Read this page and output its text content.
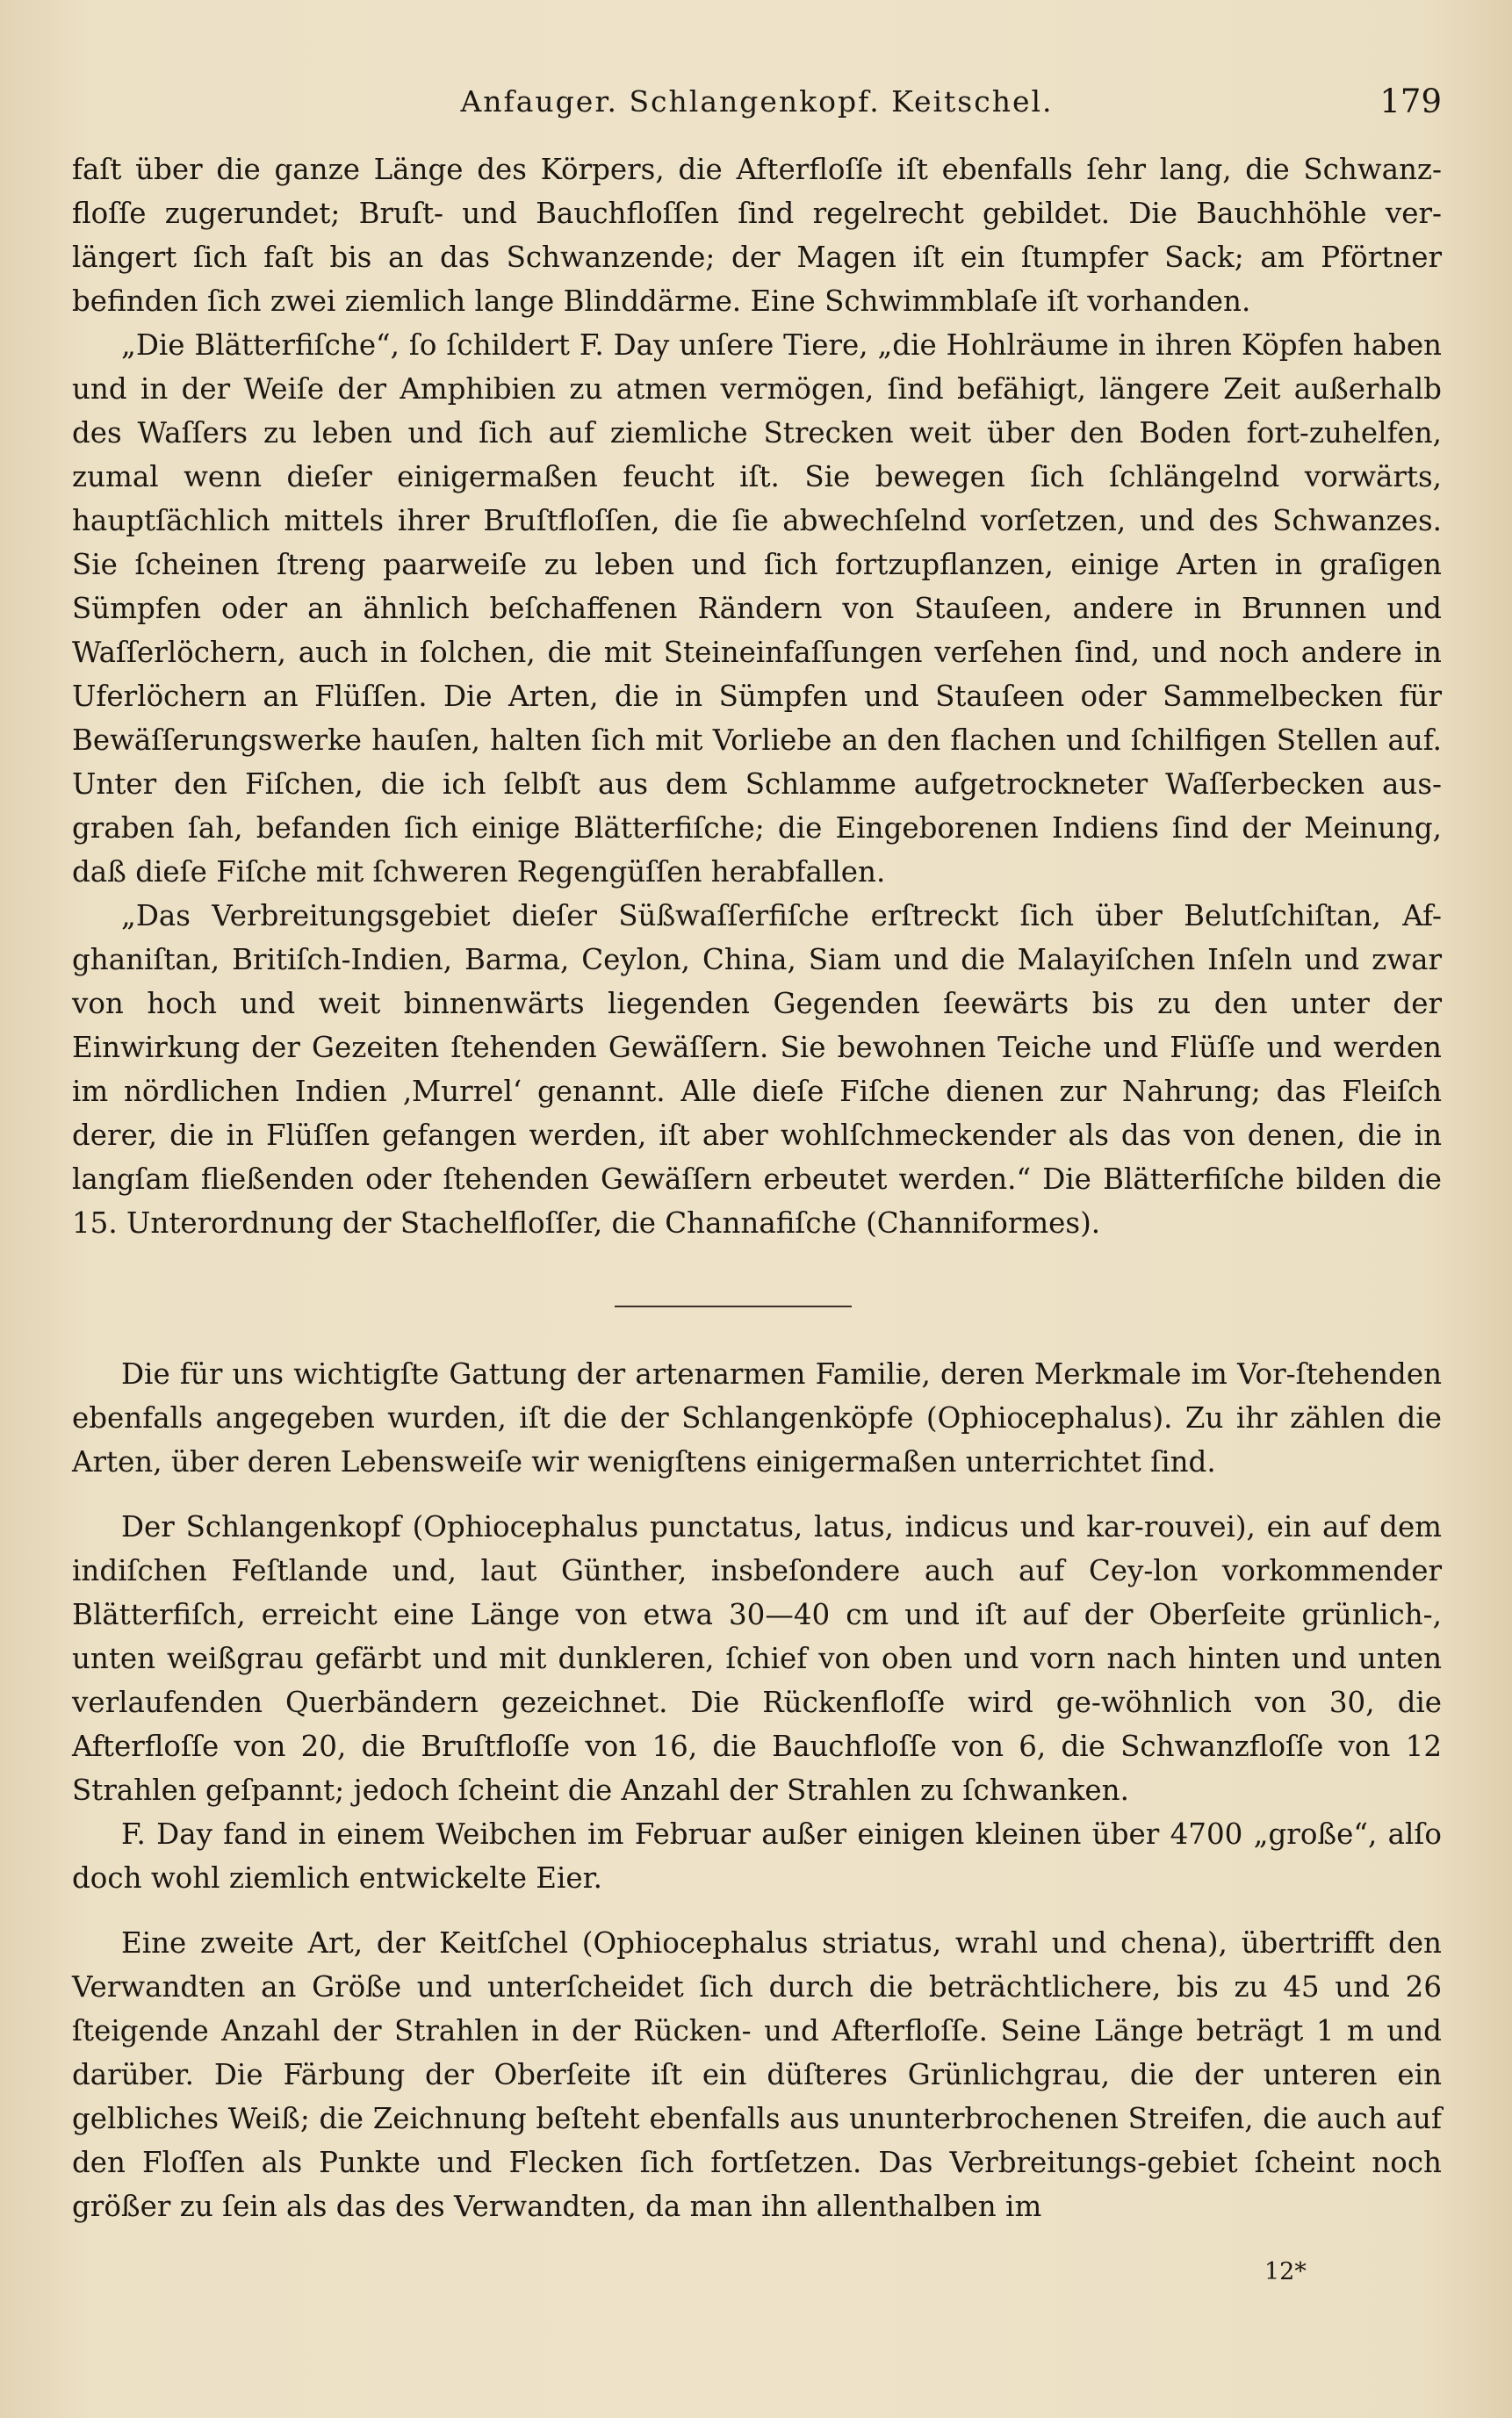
Anfauger. Schlangenkopf. Keitschel.	179

faſt über die ganze Länge des Körpers, die Afterfloſſe iſt ebenfalls ſehr lang, die Schwanz-floſſe zugerundet; Bruſt- und Bauchfloſſen ſind regelrecht gebildet. Die Bauchhöhle ver-längert ſich faſt bis an das Schwanzende; der Magen iſt ein ſtumpfer Sack; am Pförtner befinden ſich zwei ziemlich lange Blinddärme. Eine Schwimmblaſe iſt vorhanden.

„Die Blätterfiſche“, ſo ſchildert F. Day unſere Tiere, „die Hohlräume in ihren Köpfen haben und in der Weiſe der Amphibien zu atmen vermögen, ſind befähigt, längere Zeit außerhalb des Waſſers zu leben und ſich auf ziemliche Strecken weit über den Boden fort-zuhelfen, zumal wenn dieſer einigermaßen feucht iſt. Sie bewegen ſich ſchlängelnd vorwärts, hauptſächlich mittels ihrer Bruſtfloſſen, die ſie abwechſelnd vorſetzen, und des Schwanzes. Sie ſcheinen ſtreng paarweiſe zu leben und ſich fortzupflanzen, einige Arten in graſigen Sümpfen oder an ähnlich beſchaffenen Rändern von Stauſeen, andere in Brunnen und Waſſerlöchern, auch in ſolchen, die mit Steineinfaſſungen verſehen ſind, und noch andere in Uferlöchern an Flüſſen. Die Arten, die in Sümpfen und Stauſeen oder Sammelbecken für Bewäſſerungswerke hauſen, halten ſich mit Vorliebe an den flachen und ſchilfigen Stellen auf. Unter den Fiſchen, die ich ſelbſt aus dem Schlamme aufgetrockneter Waſſerbecken aus-graben ſah, befanden ſich einige Blätterfiſche; die Eingeborenen Indiens ſind der Meinung, daß dieſe Fiſche mit ſchweren Regengüſſen herabfallen.

„Das Verbreitungsgebiet dieſer Süßwaſſerfiſche erſtreckt ſich über Belutſchiſtan, Af-ghaniſtan, Britiſch-Indien, Barma, Ceylon, China, Siam und die Malayiſchen Inſeln und zwar von hoch und weit binnenwärts liegenden Gegenden ſeewärts bis zu den unter der Einwirkung der Gezeiten ſtehenden Gewäſſern. Sie bewohnen Teiche und Flüſſe und werden im nördlichen Indien ‚Murrel‘ genannt. Alle dieſe Fiſche dienen zur Nahrung; das Fleiſch derer, die in Flüſſen gefangen werden, iſt aber wohlſchmeckender als das von denen, die in langſam fließenden oder ſtehenden Gewäſſern erbeutet werden.“ Die Blätterfiſche bilden die 15. Unterordnung der Stachelfloſſer, die Channafiſche (Channiformes).

Die für uns wichtigſte Gattung der artenarmen Familie, deren Merkmale im Vor-ſtehenden ebenfalls angegeben wurden, iſt die der Schlangenköpfe (Ophiocephalus). Zu ihr zählen die Arten, über deren Lebensweiſe wir wenigſtens einigermaßen unterrichtet ſind.

Der Schlangenkopf (Ophiocephalus punctatus, latus, indicus und kar-rouvei), ein auf dem indiſchen Feſtlande und, laut Günther, insbeſondere auch auf Cey-lon vorkommender Blätterfiſch, erreicht eine Länge von etwa 30—40 cm und iſt auf der Oberſeite grünlich-, unten weißgrau gefärbt und mit dunkleren, ſchief von oben und vorn nach hinten und unten verlaufenden Querbändern gezeichnet. Die Rückenfloſſe wird ge-wöhnlich von 30, die Afterfloſſe von 20, die Bruſtfloſſe von 16, die Bauchfloſſe von 6, die Schwanzfloſſe von 12 Strahlen geſpannt; jedoch ſcheint die Anzahl der Strahlen zu ſchwanken.

F. Day fand in einem Weibchen im Februar außer einigen kleinen über 4700 „große“, alſo doch wohl ziemlich entwickelte Eier.

Eine zweite Art, der Keitſchel (Ophiocephalus striatus, wrahl und chena), übertrifft den Verwandten an Größe und unterſcheidet ſich durch die beträchtlichere, bis zu 45 und 26 ſteigende Anzahl der Strahlen in der Rücken- und Afterfloſſe. Seine Länge beträgt 1 m und darüber. Die Färbung der Oberſeite iſt ein düſteres Grünlichgrau, die der unteren ein gelbliches Weiß; die Zeichnung beſteht ebenfalls aus ununterbrochenen Streifen, die auch auf den Floſſen als Punkte und Flecken ſich fortſetzen. Das Verbreitungs-gebiet ſcheint noch größer zu ſein als das des Verwandten, da man ihn allenthalben im

12*
